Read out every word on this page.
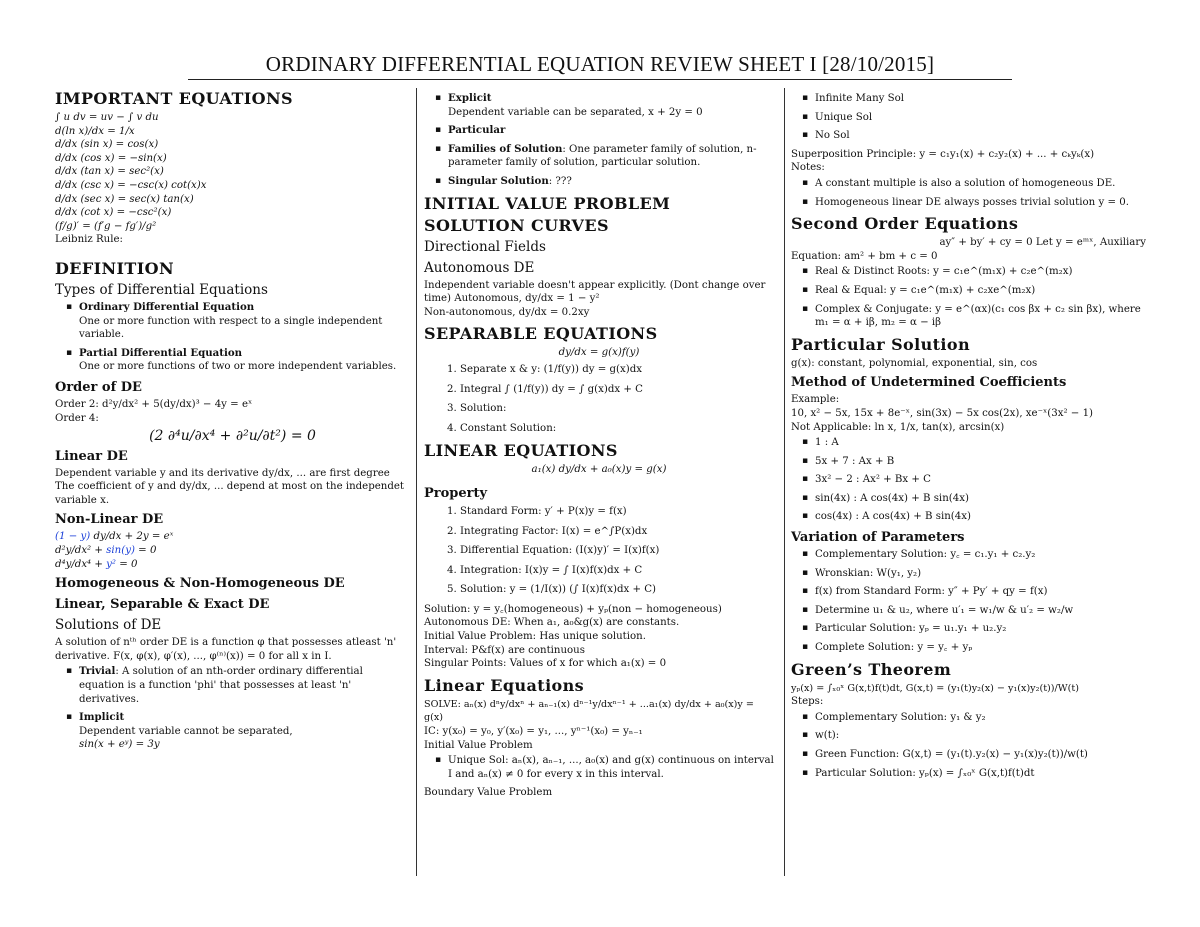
ORDINARY DIFFERENTIAL EQUATION REVIEW SHEET I [28/10/2015]
IMPORTANT EQUATIONS

∫ u dv = uv − ∫ v du

d(ln x)/dx = 1/x

d/dx (sin x) = cos(x)

d/dx (cos x) = −sin(x)

d/dx (tan x) = sec²(x)

d/dx (csc x) = −csc(x) cot(x)x

d/dx (sec x) = sec(x) tan(x)

d/dx (cot x) = −csc²(x)

(f/g)′ = (f′g − fg′)/g²

Leibniz Rule:

DEFINITION
Types of Differential Equations
▪ Ordinary Differential Equation
One or more function with respect to a single independent variable.
▪ Partial Differential Equation
One or more functions of two or more independent variables.
Order of DE

Order 2: d²y/dx² + 5(dy/dx)³ − 4y = eˣ

Order 4:

(2 ∂⁴u/∂x⁴ + ∂²u/∂t²) = 0

Linear DE

Dependent variable y and its derivative dy/dx, ... are first degree

The coefficient of y and dy/dx, ... depend at most on the independet variable x.

Non-Linear DE

(1 − y) dy/dx + 2y = eˣ

d²y/dx² + sin(y) = 0

d⁴y/dx⁴ + y² = 0

Homogeneous & Non-Homogeneous DE
Linear, Separable & Exact DE
Solutions of DE

A solution of nᵗʰ order DE is a function φ that possesses atleast 'n' derivative. F(x, φ(x), φ′(x), ..., φ⁽ⁿ⁾(x)) = 0 for all x in I.

▪ Trivial: A solution of an nth-order ordinary differential equation is a function 'phi' that possesses at least 'n' derivatives.
▪ Implicit
Dependent variable cannot be separated,
sin(x + eʸ) = 3y
▪ Explicit
Dependent variable can be separated, x + 2y = 0
▪ Particular
▪ Families of Solution: One parameter family of solution, n-parameter family of solution, particular solution.
▪ Singular Solution: ???
INITIAL VALUE PROBLEM
SOLUTION CURVES
Directional Fields
Autonomous DE

Independent variable doesn't appear explicitly. (Dont change over time) Autonomous, dy/dx = 1 − y²

Non-autonomous, dy/dx = 0.2xy

SEPARABLE EQUATIONS

dy/dx = g(x)f(y)

1. Separate x & y: (1/f(y)) dy = g(x)dx
2. Integral ∫ (1/f(y)) dy = ∫ g(x)dx + C
3. Solution:
4. Constant Solution:
LINEAR EQUATIONS

a₁(x) dy/dx + a₀(x)y = g(x)

Property
1. Standard Form: y′ + P(x)y = f(x)
2. Integrating Factor: I(x) = e^∫P(x)dx
3. Differential Equation: (I(x)y)′ = I(x)f(x)
4. Integration: I(x)y = ∫ I(x)f(x)dx + C
5. Solution: y = (1/I(x)) (∫ I(x)f(x)dx + C)

Solution: y = y꜀(homogeneous) + yₚ(non − homogeneous)

Autonomous DE: When a₁, a₀&g(x) are constants.

Initial Value Problem: Has unique solution.

Interval: P&f(x) are continuous

Singular Points: Values of x for which a₁(x) = 0

Linear Equations

SOLVE: aₙ(x) dⁿy/dxⁿ + aₙ₋₁(x) dⁿ⁻¹y/dxⁿ⁻¹ + ...a₁(x) dy/dx + a₀(x)y = g(x)

IC: y(x₀) = y₀, y′(x₀) = y₁, ..., yⁿ⁻¹(x₀) = yₙ₋₁

Initial Value Problem

▪ Unique Sol: aₙ(x), aₙ₋₁, ..., a₀(x) and g(x) continuous on interval I and aₙ(x) ≠ 0 for every x in this interval.

Boundary Value Problem

▪ Infinite Many Sol
▪ Unique Sol
▪ No Sol

Superposition Principle: y = c₁y₁(x) + c₂y₂(x) + ... + cₖyₖ(x)

Notes:

▪ A constant multiple is also a solution of homogeneous DE.
▪ Homogeneous linear DE always posses trivial solution y = 0.
Second Order Equations

ay″ + by′ + cy = 0 Let y = eᵐˣ, Auxiliary

Equation: am² + bm + c = 0

▪ Real & Distinct Roots: y = c₁e^(m₁x) + c₂e^(m₂x)
▪ Real & Equal: y = c₁e^(m₁x) + c₂xe^(m₂x)
▪ Complex & Conjugate: y = e^(αx)(c₁ cos βx + c₂ sin βx), where m₁ = α + iβ, m₂ = α − iβ
Particular Solution

g(x): constant, polynomial, exponential, sin, cos

Method of Undetermined Coefficients

Example:

10, x² − 5x, 15x + 8e⁻ˣ, sin(3x) − 5x cos(2x), xe⁻ˣ(3x² − 1)

Not Applicable: ln x, 1/x, tan(x), arcsin(x)

▪ 1 : A
▪ 5x + 7 : Ax + B
▪ 3x² − 2 : Ax² + Bx + C
▪ sin(4x) : A cos(4x) + B sin(4x)
▪ cos(4x) : A cos(4x) + B sin(4x)
Variation of Parameters
▪ Complementary Solution: y꜀ = c₁.y₁ + c₂.y₂
▪ Wronskian: W(y₁, y₂)
▪ f(x) from Standard Form: y″ + Py′ + qy = f(x)
▪ Determine u₁ & u₂, where u′₁ = w₁/w & u′₂ = w₂/w
▪ Particular Solution: yₚ = u₁.y₁ + u₂.y₂
▪ Complete Solution: y = y꜀ + yₚ
Green’s Theorem

yₚ(x) = ∫ₓ₀ˣ G(x,t)f(t)dt, G(x,t) = (y₁(t)y₂(x) − y₁(x)y₂(t))/W(t)

Steps:

▪ Complementary Solution: y₁ & y₂
▪ w(t):
▪ Green Function: G(x,t) = (y₁(t).y₂(x) − y₁(x)y₂(t))/w(t)
▪ Particular Solution: yₚ(x) = ∫ₓ₀ˣ G(x,t)f(t)dt
